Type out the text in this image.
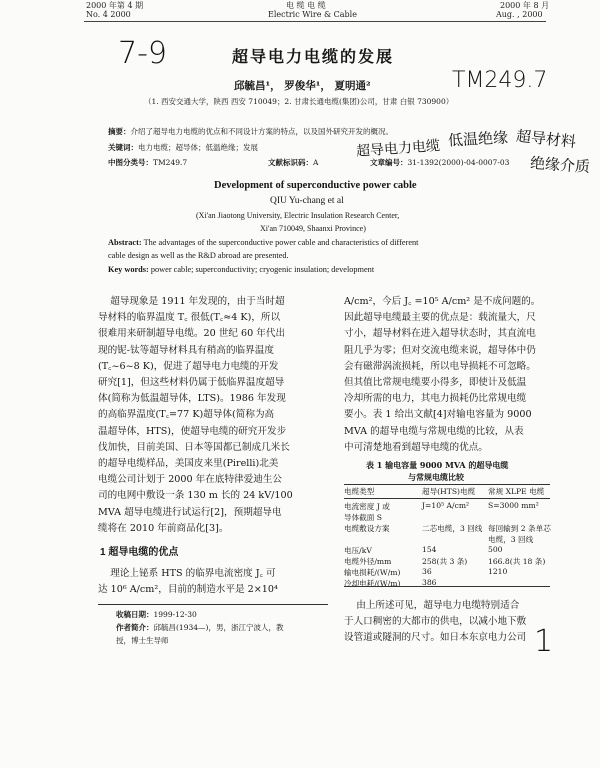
2000 年第 4 期
No. 4 2000
电 缆 电 缆
Electric Wire & Cable
2000 年 8 月
Aug. , 2000
7-9
TM249.7
超导电力电缆 低温绝缘 超导材料
绝缘介质
1
超导电力电缆的发展
邱毓昌¹， 罗俊华¹， 夏明通²
（1. 西安交通大学，陕西 西安 710049；2. 甘肃长通电缆(集团)公司，甘肃 白银 730900）
摘要：介绍了超导电力电缆的优点和不同设计方案的特点，以及国外研究开发的概况。
关键词：电力电缆；超导体；低温绝缘；发展
中图分类号：TM249.7	文献标识码：A	文章编号：31-1392(2000)-04-0007-03
Development of superconductive power cable
QIU Yu-chang et al
(Xi'an Jiaotong University, Electric Insulation Research Center,
Xi'an 710049, Shaanxi Province)
Abstract: The advantages of the superconductive power cable and characteristics of different
cable design as well as the R&D abroad are presented.
Key words: power cable; superconductivity; cryogenic insulation; development
超导现象是 1911 年发现的，由于当时超
导材料的临界温度 T꜀ 很低(T꜀≈4 K)，所以
很难用来研制超导电缆。20 世纪 60 年代出
现的铌-钛等超导材料具有稍高的临界温度
(T꜀~6~8 K)，促进了超导电力电缆的开发
研究[1]，但这些材料仍属于低临界温度超导
体(简称为低温超导体，LTS)。1986 年发现
的高临界温度(T꜀=77 K)超导体(简称为高
温超导体，HTS)，使超导电缆的研究开发步
伐加快，目前美国、日本等国都已制成几米长
的超导电缆样品，美国皮来里(Pirelli)北美
电缆公司计划于 2000 年在底特律爱迪生公
司的电网中敷设一条 130 m 长的 24 kV/100
MVA 超导电缆进行试运行[2]，预期超导电
缆将在 2010 年前商品化[3]。
1 超导电缆的优点
理论上铋系 HTS 的临界电流密度 J꜀ 可
达 10⁶ A/cm²，目前的制造水平是 2×10⁴
收稿日期：1999-12-30
作者简介：邱毓昌(1934—)，男，浙江宁波人，教
授，博士生导师
A/cm²，今后 J꜀ =10⁵ A/cm² 是不成问题的。
因此超导电缆最主要的优点是：载流量大，尺
寸小，超导材料在进入超导状态时，其直流电
阻几乎为零；但对交流电缆来说，超导体中仍
会有磁滞涡流损耗，所以电导损耗不可忽略。
但其值比常规电缆要小得多，即使计及低温
冷却所需的电力，其电力损耗仍比常规电缆
要小。表 1 给出文献[4]对输电容量为 9000
MVA 的超导电缆与常规电缆的比较，从表
中可清楚地看到超导电缆的优点。
表 1 输电容量 9000 MVA 的超导电缆
与常规电缆比较
电缆类型	超导(HTS)电缆 常规 XLPE 电缆
电流密度 J 或	J=10⁵ A/cm² S=3000 mm²
导体截面 S
电缆敷设方案	二芯电缆，3 回线 每回输到 2 条单芯
电缆，3 回线
电压/kV	154	500
电缆外径/mm	258(共 3 条)	166.8(共 18 条)
输电损耗/(W/m)	36	1210
冷却电耗/(W/m)	386
由上所述可见，超导电力电缆特别适合
于人口稠密的大都市的供电，以减小地下敷
设管道或隧洞的尺寸。如日本东京电力公司
